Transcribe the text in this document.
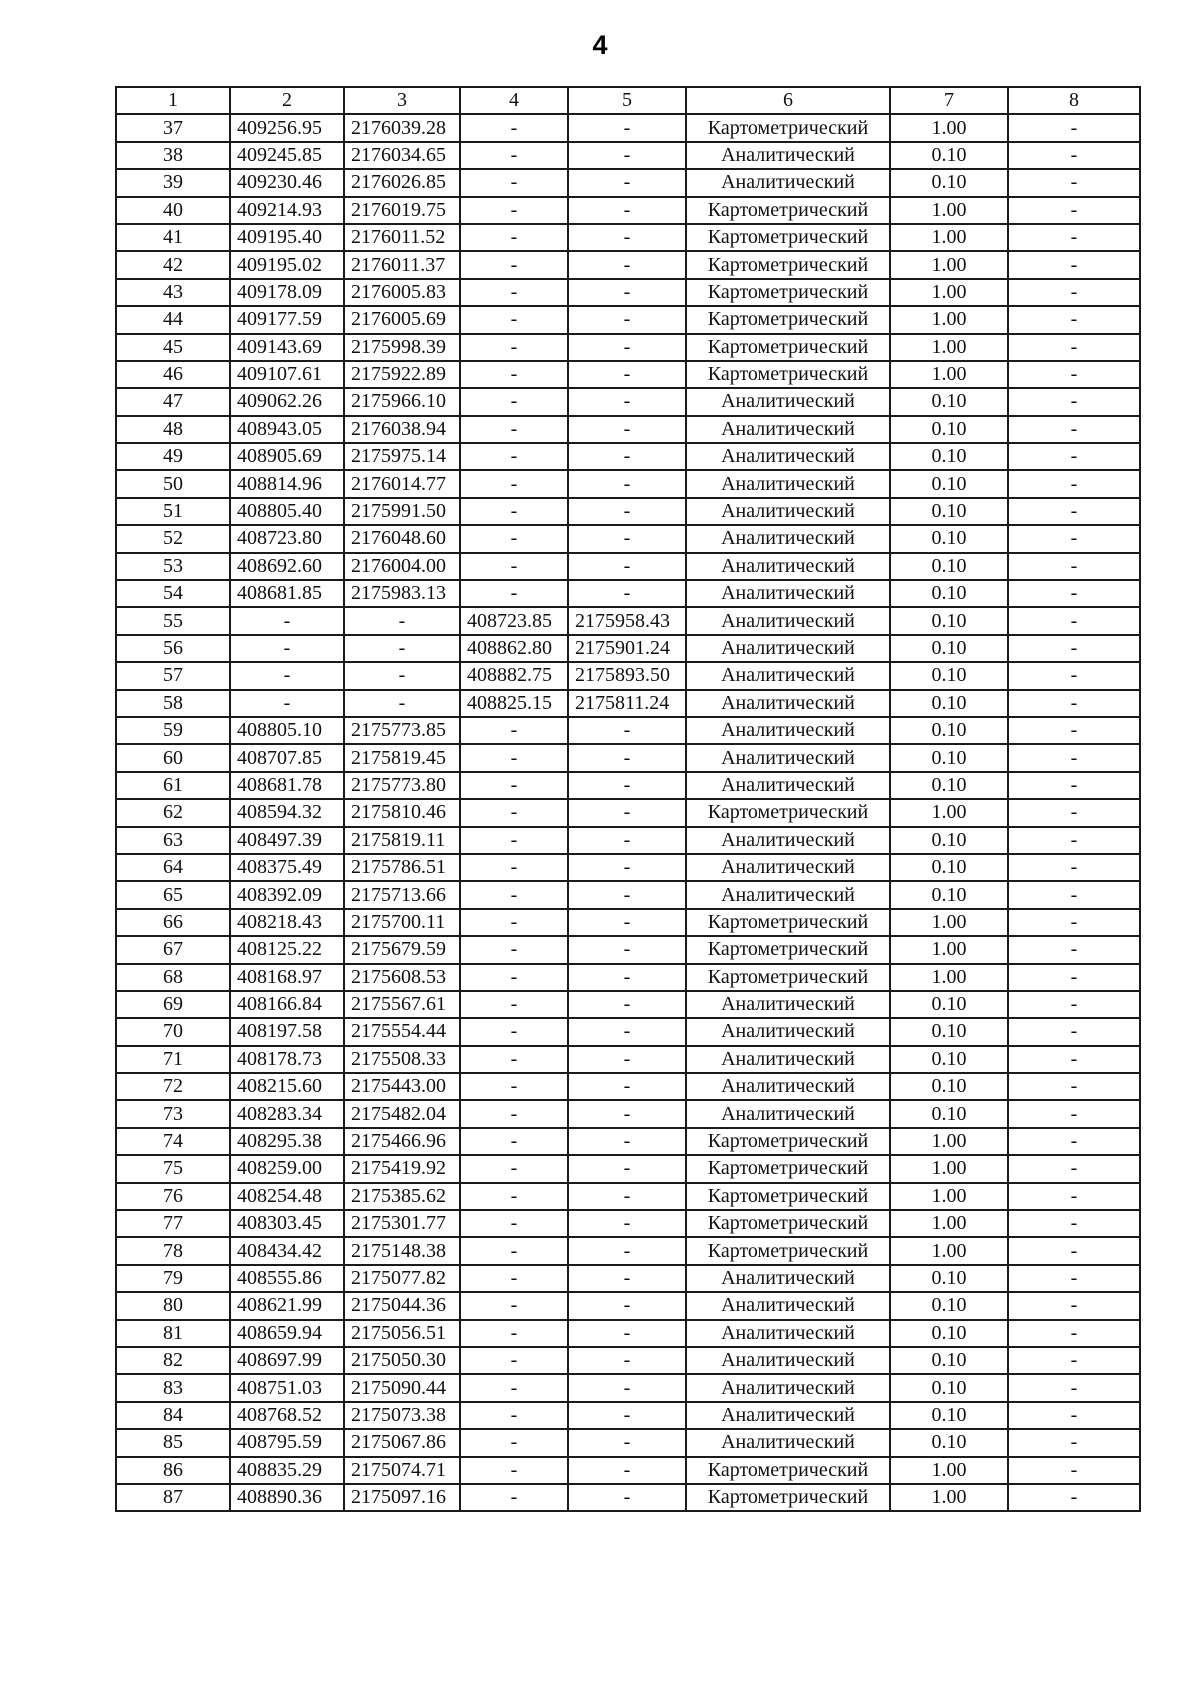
4
1	2	3	4	5	6	7	8
37	409256.95	2176039.28	-	-	Картометрический	1.00	-
38	409245.85	2176034.65	-	-	Аналитический	0.10	-
39	409230.46	2176026.85	-	-	Аналитический	0.10	-
40	409214.93	2176019.75	-	-	Картометрический	1.00	-
41	409195.40	2176011.52	-	-	Картометрический	1.00	-
42	409195.02	2176011.37	-	-	Картометрический	1.00	-
43	409178.09	2176005.83	-	-	Картометрический	1.00	-
44	409177.59	2176005.69	-	-	Картометрический	1.00	-
45	409143.69	2175998.39	-	-	Картометрический	1.00	-
46	409107.61	2175922.89	-	-	Картометрический	1.00	-
47	409062.26	2175966.10	-	-	Аналитический	0.10	-
48	408943.05	2176038.94	-	-	Аналитический	0.10	-
49	408905.69	2175975.14	-	-	Аналитический	0.10	-
50	408814.96	2176014.77	-	-	Аналитический	0.10	-
51	408805.40	2175991.50	-	-	Аналитический	0.10	-
52	408723.80	2176048.60	-	-	Аналитический	0.10	-
53	408692.60	2176004.00	-	-	Аналитический	0.10	-
54	408681.85	2175983.13	-	-	Аналитический	0.10	-
55	-	-	408723.85	2175958.43	Аналитический	0.10	-
56	-	-	408862.80	2175901.24	Аналитический	0.10	-
57	-	-	408882.75	2175893.50	Аналитический	0.10	-
58	-	-	408825.15	2175811.24	Аналитический	0.10	-
59	408805.10	2175773.85	-	-	Аналитический	0.10	-
60	408707.85	2175819.45	-	-	Аналитический	0.10	-
61	408681.78	2175773.80	-	-	Аналитический	0.10	-
62	408594.32	2175810.46	-	-	Картометрический	1.00	-
63	408497.39	2175819.11	-	-	Аналитический	0.10	-
64	408375.49	2175786.51	-	-	Аналитический	0.10	-
65	408392.09	2175713.66	-	-	Аналитический	0.10	-
66	408218.43	2175700.11	-	-	Картометрический	1.00	-
67	408125.22	2175679.59	-	-	Картометрический	1.00	-
68	408168.97	2175608.53	-	-	Картометрический	1.00	-
69	408166.84	2175567.61	-	-	Аналитический	0.10	-
70	408197.58	2175554.44	-	-	Аналитический	0.10	-
71	408178.73	2175508.33	-	-	Аналитический	0.10	-
72	408215.60	2175443.00	-	-	Аналитический	0.10	-
73	408283.34	2175482.04	-	-	Аналитический	0.10	-
74	408295.38	2175466.96	-	-	Картометрический	1.00	-
75	408259.00	2175419.92	-	-	Картометрический	1.00	-
76	408254.48	2175385.62	-	-	Картометрический	1.00	-
77	408303.45	2175301.77	-	-	Картометрический	1.00	-
78	408434.42	2175148.38	-	-	Картометрический	1.00	-
79	408555.86	2175077.82	-	-	Аналитический	0.10	-
80	408621.99	2175044.36	-	-	Аналитический	0.10	-
81	408659.94	2175056.51	-	-	Аналитический	0.10	-
82	408697.99	2175050.30	-	-	Аналитический	0.10	-
83	408751.03	2175090.44	-	-	Аналитический	0.10	-
84	408768.52	2175073.38	-	-	Аналитический	0.10	-
85	408795.59	2175067.86	-	-	Аналитический	0.10	-
86	408835.29	2175074.71	-	-	Картометрический	1.00	-
87	408890.36	2175097.16	-	-	Картометрический	1.00	-
